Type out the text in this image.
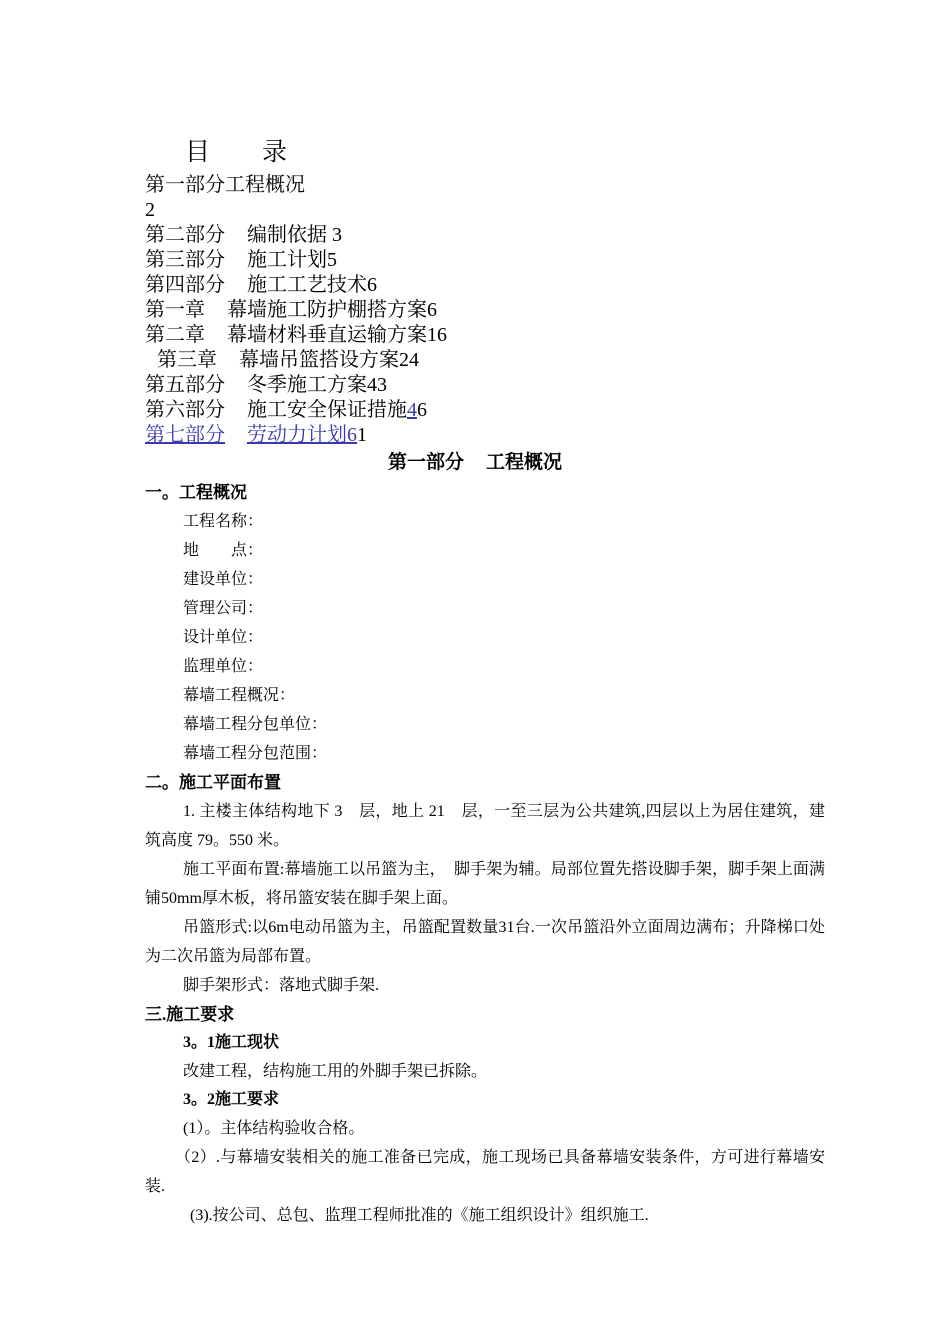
目 录
第一部分工程概况
2
第二部分 编制依据 3
第三部分 施工计划5
第四部分 施工工艺技术6
第一章 幕墙施工防护棚搭方案6
第二章 幕墙材料垂直运输方案16
第三章 幕墙吊篮搭设方案24
第五部分 冬季施工方案43
第六部分 施工安全保证措施46
第七部分 劳动力计划61
第一部分 工程概况
一。工程概况
工程名称：
地　　点：
建设单位：
管理公司：
设计单位：
监理单位：
幕墙工程概况：
幕墙工程分包单位：
幕墙工程分包范围：
二。施工平面布置
1. 主楼主体结构地下 3　层，地上 21　层，一至三层为公共建筑,四层以上为居住建筑，建筑高度 79。550 米。
施工平面布置:幕墙施工以吊篮为主，　脚手架为辅。局部位置先搭设脚手架，脚手架上面满铺50mm厚木板，将吊篮安装在脚手架上面。
吊篮形式:以6m电动吊篮为主，吊篮配置数量31台.一次吊篮沿外立面周边满布；升降梯口处为二次吊篮为局部布置。
脚手架形式：落地式脚手架.
三.施工要求
3。1施工现状
改建工程，结构施工用的外脚手架已拆除。
3。2施工要求
(1）。主体结构验收合格。
（2）.与幕墙安装相关的施工准备已完成，施工现场已具备幕墙安装条件，方可进行幕墙安装.
(3).按公司、总包、监理工程师批准的《施工组织设计》组织施工.
